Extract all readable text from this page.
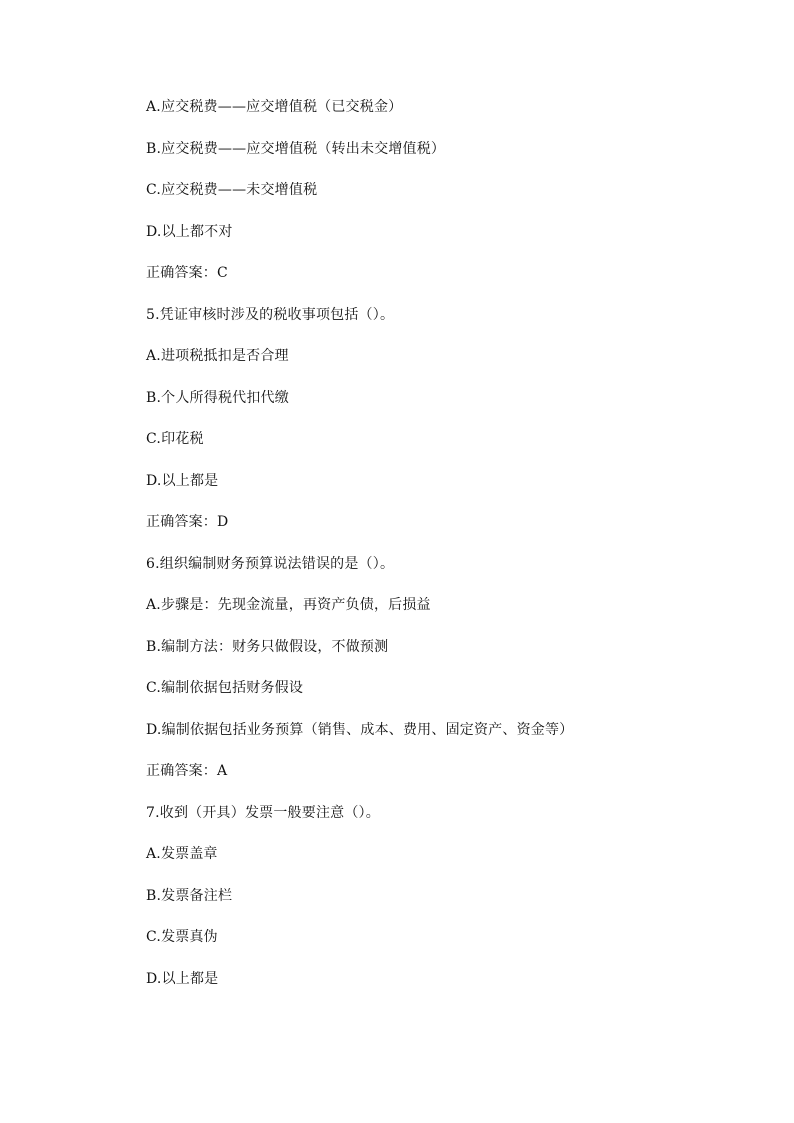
A.应交税费——应交增值税（已交税金）
B.应交税费——应交增值税（转出未交增值税）
C.应交税费——未交增值税
D.以上都不对
正确答案：C
5.凭证审核时涉及的税收事项包括（）。
A.进项税抵扣是否合理
B.个人所得税代扣代缴
C.印花税
D.以上都是
正确答案：D
6.组织编制财务预算说法错误的是（）。
A.步骤是：先现金流量，再资产负债，后损益
B.编制方法：财务只做假设，不做预测
C.编制依据包括财务假设
D.编制依据包括业务预算（销售、成本、费用、固定资产、资金等）
正确答案：A
7.收到（开具）发票一般要注意（）。
A.发票盖章
B.发票备注栏
C.发票真伪
D.以上都是
